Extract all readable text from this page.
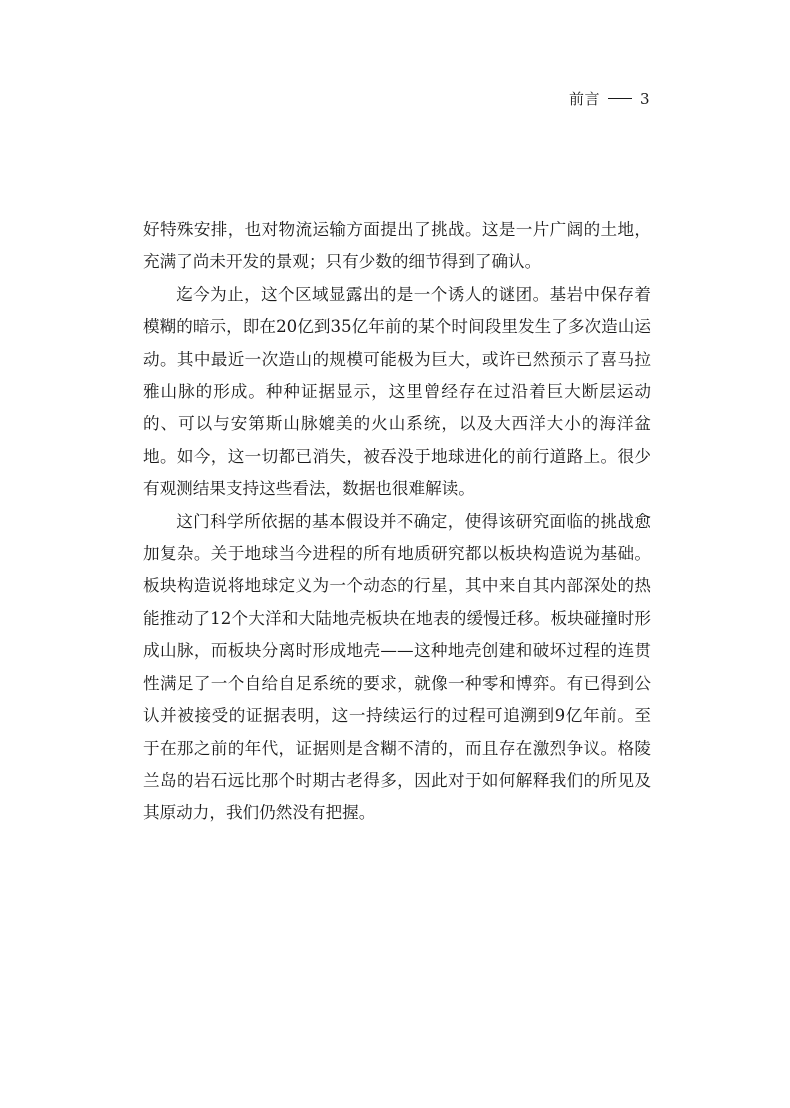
前言	3

好特殊安排，也对物流运输方面提出了挑战。这是一片广阔的土地，充满了尚未开发的景观；只有少数的细节得到了确认。

迄今为止，这个区域显露出的是一个诱人的谜团。基岩中保存着模糊的暗示，即在20亿到35亿年前的某个时间段里发生了多次造山运动。其中最近一次造山的规模可能极为巨大，或许已然预示了喜马拉雅山脉的形成。种种证据显示，这里曾经存在过沿着巨大断层运动的、可以与安第斯山脉媲美的火山系统，以及大西洋大小的海洋盆地。如今，这一切都已消失，被吞没于地球进化的前行道路上。很少有观测结果支持这些看法，数据也很难解读。

这门科学所依据的基本假设并不确定，使得该研究面临的挑战愈加复杂。关于地球当今进程的所有地质研究都以板块构造说为基础。板块构造说将地球定义为一个动态的行星，其中来自其内部深处的热能推动了12个大洋和大陆地壳板块在地表的缓慢迁移。板块碰撞时形成山脉，而板块分离时形成地壳——这种地壳创建和破坏过程的连贯性满足了一个自给自足系统的要求，就像一种零和博弈。有已得到公认并被接受的证据表明，这一持续运行的过程可追溯到9亿年前。至于在那之前的年代，证据则是含糊不清的，而且存在激烈争议。格陵兰岛的岩石远比那个时期古老得多，因此对于如何解释我们的所见及其原动力，我们仍然没有把握。
